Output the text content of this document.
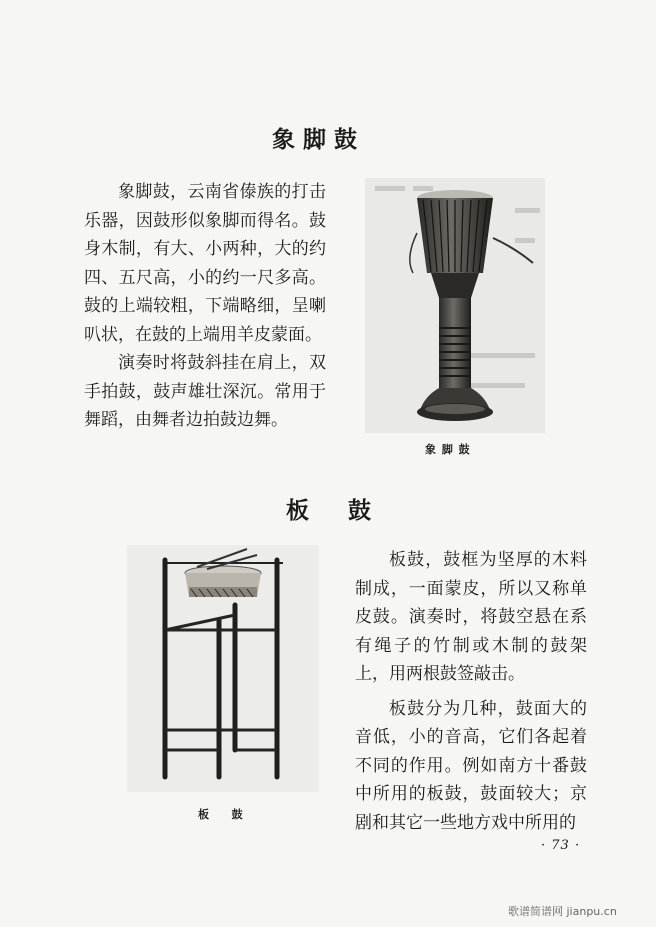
象 脚 鼓

象脚鼓，云南省傣族的打击乐器，因鼓形似象脚而得名。鼓身木制，有大、小两种，大的约四、五尺高，小的约一尺多高。鼓的上端较粗，下端略细，呈喇叭状，在鼓的上端用羊皮蒙面。

演奏时将鼓斜挂在肩上，双手拍鼓，鼓声雄壮深沉。常用于舞蹈，由舞者边拍鼓边舞。

象 脚 鼓
板 　 鼓
板 　 鼓

板鼓，鼓框为坚厚的木料制成，一面蒙皮，所以又称单皮鼓。演奏时，将鼓空悬在系有绳子的竹制或木制的鼓架上，用两根鼓签敲击。

板鼓分为几种，鼓面大的音低，小的音高，它们各起着不同的作用。例如南方十番鼓中所用的板鼓，鼓面较大；京剧和其它一些地方戏中所用的

· 73 ·
歌谱简谱网 jianpu.cn
